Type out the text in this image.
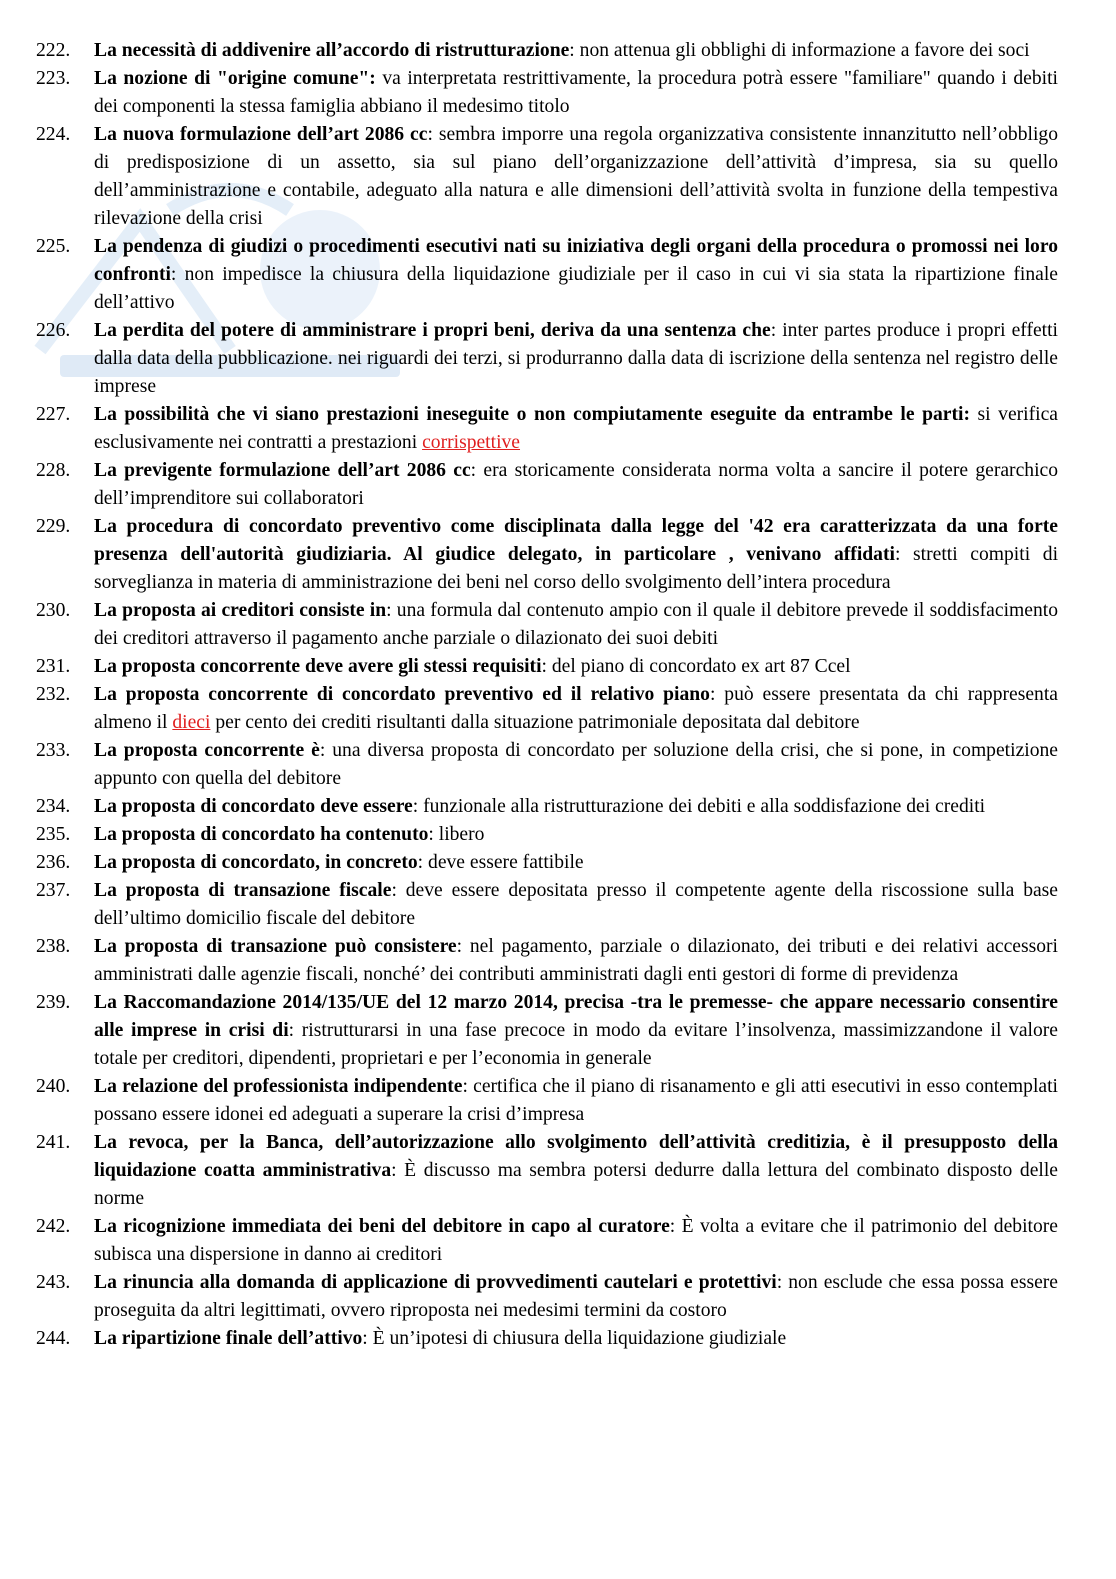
222.	La necessità di addivenire all’accordo di ristrutturazione: non attenua gli obblighi di informazione a favore dei soci
223.	La nozione di "origine comune": va interpretata restrittivamente, la procedura potrà essere "familiare" quando i debiti dei componenti la stessa famiglia abbiano il medesimo titolo
224.	La nuova formulazione dell’art 2086 cc: sembra imporre una regola organizzativa consistente innanzitutto nell’obbligo di predisposizione di un assetto, sia sul piano dell’organizzazione dell’attività d’impresa, sia su quello dell’amministrazione e contabile, adeguato alla natura e alle dimensioni dell’attività svolta in funzione della tempestiva rilevazione della crisi
225.	La pendenza di giudizi o procedimenti esecutivi nati su iniziativa degli organi della procedura o promossi nei loro confronti: non impedisce la chiusura della liquidazione giudiziale per il caso in cui vi sia stata la ripartizione finale dell’attivo
226.	La perdita del potere di amministrare i propri beni, deriva da una sentenza che: inter partes produce i propri effetti dalla data della pubblicazione. nei riguardi dei terzi, si produrranno dalla data di iscrizione della sentenza nel registro delle imprese
227.	La possibilità che vi siano prestazioni ineseguite o non compiutamente eseguite da entrambe le parti: si verifica esclusivamente nei contratti a prestazioni corrispettive
228.	La previgente formulazione dell’art 2086 cc: era storicamente considerata norma volta a sancire il potere gerarchico dell’imprenditore sui collaboratori
229.	La procedura di concordato preventivo come disciplinata dalla legge del '42 era caratterizzata da una forte presenza dell'autorità giudiziaria. Al giudice delegato, in particolare , venivano affidati: stretti compiti di sorveglianza in materia di amministrazione dei beni nel corso dello svolgimento dell’intera procedura
230.	La proposta ai creditori consiste in: una formula dal contenuto ampio con il quale il debitore prevede il soddisfacimento dei creditori attraverso il pagamento anche parziale o dilazionato dei suoi debiti
231.	La proposta concorrente deve avere gli stessi requisiti: del piano di concordato ex art 87 Ccel
232.	La proposta concorrente di concordato preventivo ed il relativo piano: può essere presentata da chi rappresenta almeno il dieci per cento dei crediti risultanti dalla situazione patrimoniale depositata dal debitore
233.	La proposta concorrente è: una diversa proposta di concordato per soluzione della crisi, che si pone, in competizione appunto con quella del debitore
234.	La proposta di concordato deve essere: funzionale alla ristrutturazione dei debiti e alla soddisfazione dei crediti
235.	La proposta di concordato ha contenuto: libero
236.	La proposta di concordato, in concreto: deve essere fattibile
237.	La proposta di transazione fiscale: deve essere depositata presso il competente agente della riscossione sulla base dell’ultimo domicilio fiscale del debitore
238.	La proposta di transazione può consistere: nel pagamento, parziale o dilazionato, dei tributi e dei relativi accessori amministrati dalle agenzie fiscali, nonché’ dei contributi amministrati dagli enti gestori di forme di previdenza
239.	La Raccomandazione 2014/135/UE del 12 marzo 2014, precisa -tra le premesse- che appare necessario consentire alle imprese in crisi di: ristrutturarsi in una fase precoce in modo da evitare l’insolvenza, massimizzandone il valore totale per creditori, dipendenti, proprietari e per l’economia in generale
240.	La relazione del professionista indipendente: certifica che il piano di risanamento e gli atti esecutivi in esso contemplati possano essere idonei ed adeguati a superare la crisi d’impresa
241.	La revoca, per la Banca, dell’autorizzazione allo svolgimento dell’attività creditizia, è il presupposto della liquidazione coatta amministrativa: È discusso ma sembra potersi dedurre dalla lettura del combinato disposto delle norme
242.	La ricognizione immediata dei beni del debitore in capo al curatore: È volta a evitare che il patrimonio del debitore subisca una dispersione in danno ai creditori
243.	La rinuncia alla domanda di applicazione di provvedimenti cautelari e protettivi: non esclude che essa possa essere proseguita da altri legittimati, ovvero riproposta nei medesimi termini da costoro
244.	La ripartizione finale dell’attivo: È un’ipotesi di chiusura della liquidazione giudiziale
